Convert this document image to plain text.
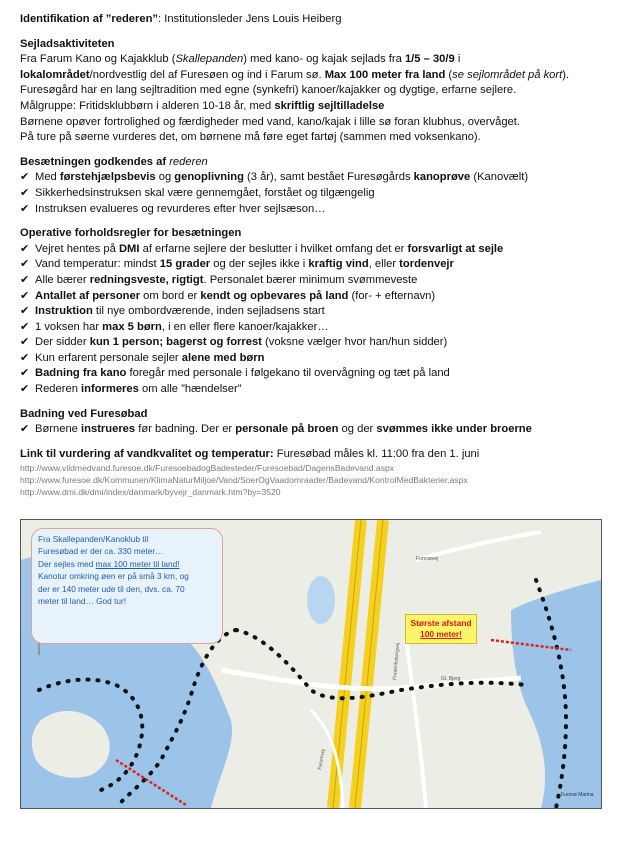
Identifikation af ”rederen”: Institutionsleder Jens Louis Heiberg
Sejladsaktiviteten
Fra Farum Kano og Kajakklub (Skallepanden) med kano- og kajak sejlads fra 1/5 – 30/9 i
lokalområdet/nordvestlig del af Furesøen og ind i Farum sø. Max 100 meter fra land (se sejlområdet på kort).
Furesøgård har en lang sejltradition med egne (synkefri) kanoer/kajakker og dygtige, erfarne sejlere.
Målgruppe: Fritidsklubbørn i alderen 10-18 år, med skriftlig sejltilladelse
Børnene opøver fortrolighed og færdigheder med vand, kano/kajak i lille sø foran klubhus, overvåget.
På ture på søerne vurderes det, om børnene må føre eget fartøj (sammen med voksenkano).
Besætningen godkendes af rederen
✔ Med førstehjælpsbevis og genoplivning (3 år), samt bestået Furesøgårds kanoprøve (Kanovælt)
✔ Sikkerhedsinstruksen skal være gennemgået, forstået og tilgængelig
✔ Instruksen evalueres og revurderes efter hver sejlsæson…
Operative forholdsregler for besætningen
✔ Vejret hentes på DMI af erfarne sejlere der beslutter i hvilket omfang det er forsvarligt at sejle
✔ Vand temperatur: mindst 15 grader og der sejles ikke i kraftig vind, eller tordenvejr
✔ Alle bærer redningsveste, rigtigt. Personalet bærer minimum svømmeveste
✔ Antallet af personer om bord er kendt og opbevares på land (for- + efternavn)
✔ Instruktion til nye ombordværende, inden sejladsens start
✔ 1 voksen har max 5 børn, i en eller flere kanoer/kajakker…
✔ Der sidder kun 1 person; bagerst og forrest (voksne vælger hvor han/hun sidder)
✔ Kun erfarent personale sejler alene med børn
✔ Badning fra kano foregår med personale i følgekano til overvågning og tæt på land
✔ Rederen informeres om alle ”hændelser”
Badning ved Furesøbad
✔ Børnene instrueres før badning. Der er personale på broen og der svømmes ikke under broerne
Link til vurdering af vandkvalitet og temperatur: Furesøbad måles kl. 11:00 fra den 1. juni
http://www.vildmedvand.furesoe.dk/FuresoebadogBadesteder/Furesoebad/DagensBadevand.aspx
http://www.furesoe.dk/Kommunen/KlimaNaturMiljoe/Vand/SoerOgVaadomraader/Badevand/KontrolMedBakterier.aspx
http://www.dmi.dk/dmi/index/danmark/byvejr_danmark.htm?by=3520
Frederiksborgvej
Furesøvej
Gl. Bjerg
Farumvej
Furesø Marina
Fra Skallepanden/Kanoklub til
Furesøbad er der ca. 330 meter…
Der sejles med max 100 meter til land!
Kanotur omkring øen er på små 3 km, og
der er 140 meter ude til den, dvs. ca. 70
meter til land… God tur!
Største afstand
100 meter!
